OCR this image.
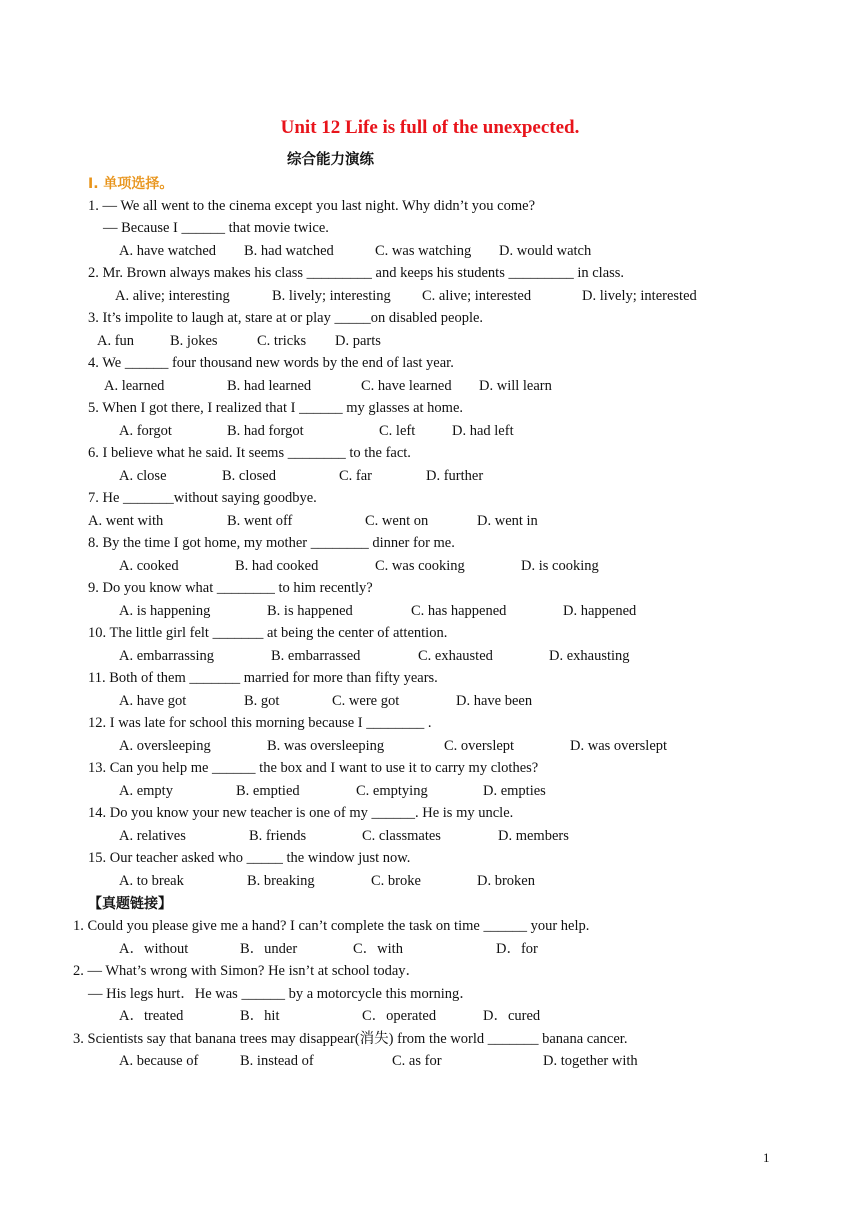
Unit 12 Life is full of the unexpected.
综合能力演练
I. 单项选择。
1. — We all went to the cinema except you last night. Why didn’t you come?
— Because I ______ that movie twice.
A. have watched B. had watched	C. was watching D. would watch
2. Mr. Brown always makes his class _________ and keeps his students _________ in class.
A. alive; interesting	B. lively; interesting C. alive; interested	D. lively; interested
3. It’s impolite to laugh at, stare at or play _____on disabled people.
A. fun B. jokes	C. tricks D. parts
4. We ______ four thousand new words by the end of last year.
A. learned	B. had learned	C. have learned D. will learn
5. When I got there, I realized that I ______ my glasses at home.
A. forgot	B. had forgot	C. left	D. had left
6. I believe what he said. It seems ________ to the fact.
A. close	B. closed	C. far	D. further
7. He _______without saying goodbye.
A. went with	B. went off	C. went on	D. went in
8. By the time I got home, my mother ________ dinner for me.
A. cooked	B. had cooked	C. was cooking	D. is cooking
9. Do you know what ________ to him recently?
A. is happening	B. is happened	C. has happened	D. happened
10. The little girl felt _______ at being the center of attention.
A. embarrassing	B. embarrassed	C. exhausted	D. exhausting
11. Both of them _______ married for more than fifty years.
A. have got	B. got	C. were got	D. have been
12. I was late for school this morning because I ________ .
A. oversleeping	B. was oversleeping	C. overslept	D. was overslept
13. Can you help me ______ the box and I want to use it to carry my clothes?
A. empty	B. emptied	C. emptying	D. empties
14. Do you know your new teacher is one of my ______. He is my uncle.
A. relatives	B. friends	C. classmates	D. members
15. Our teacher asked who _____ the window just now.
A. to break	B. breaking	C. broke	D. broken
【真题链接】
1. Could you please give me a hand? I can’t complete the task on time ______ your help.
A．without	B．under	C．with	D．for
2. — What’s wrong with Simon? He isn’t at school today．
— His legs hurt．He was ______ by a motorcycle this morning．
A．treated	B．hit	C．operated	D．cured
3. Scientists say that banana trees may disappear(消失) from the world _______ banana cancer.
A. because of	B. instead of	C. as for	D. together with
1
